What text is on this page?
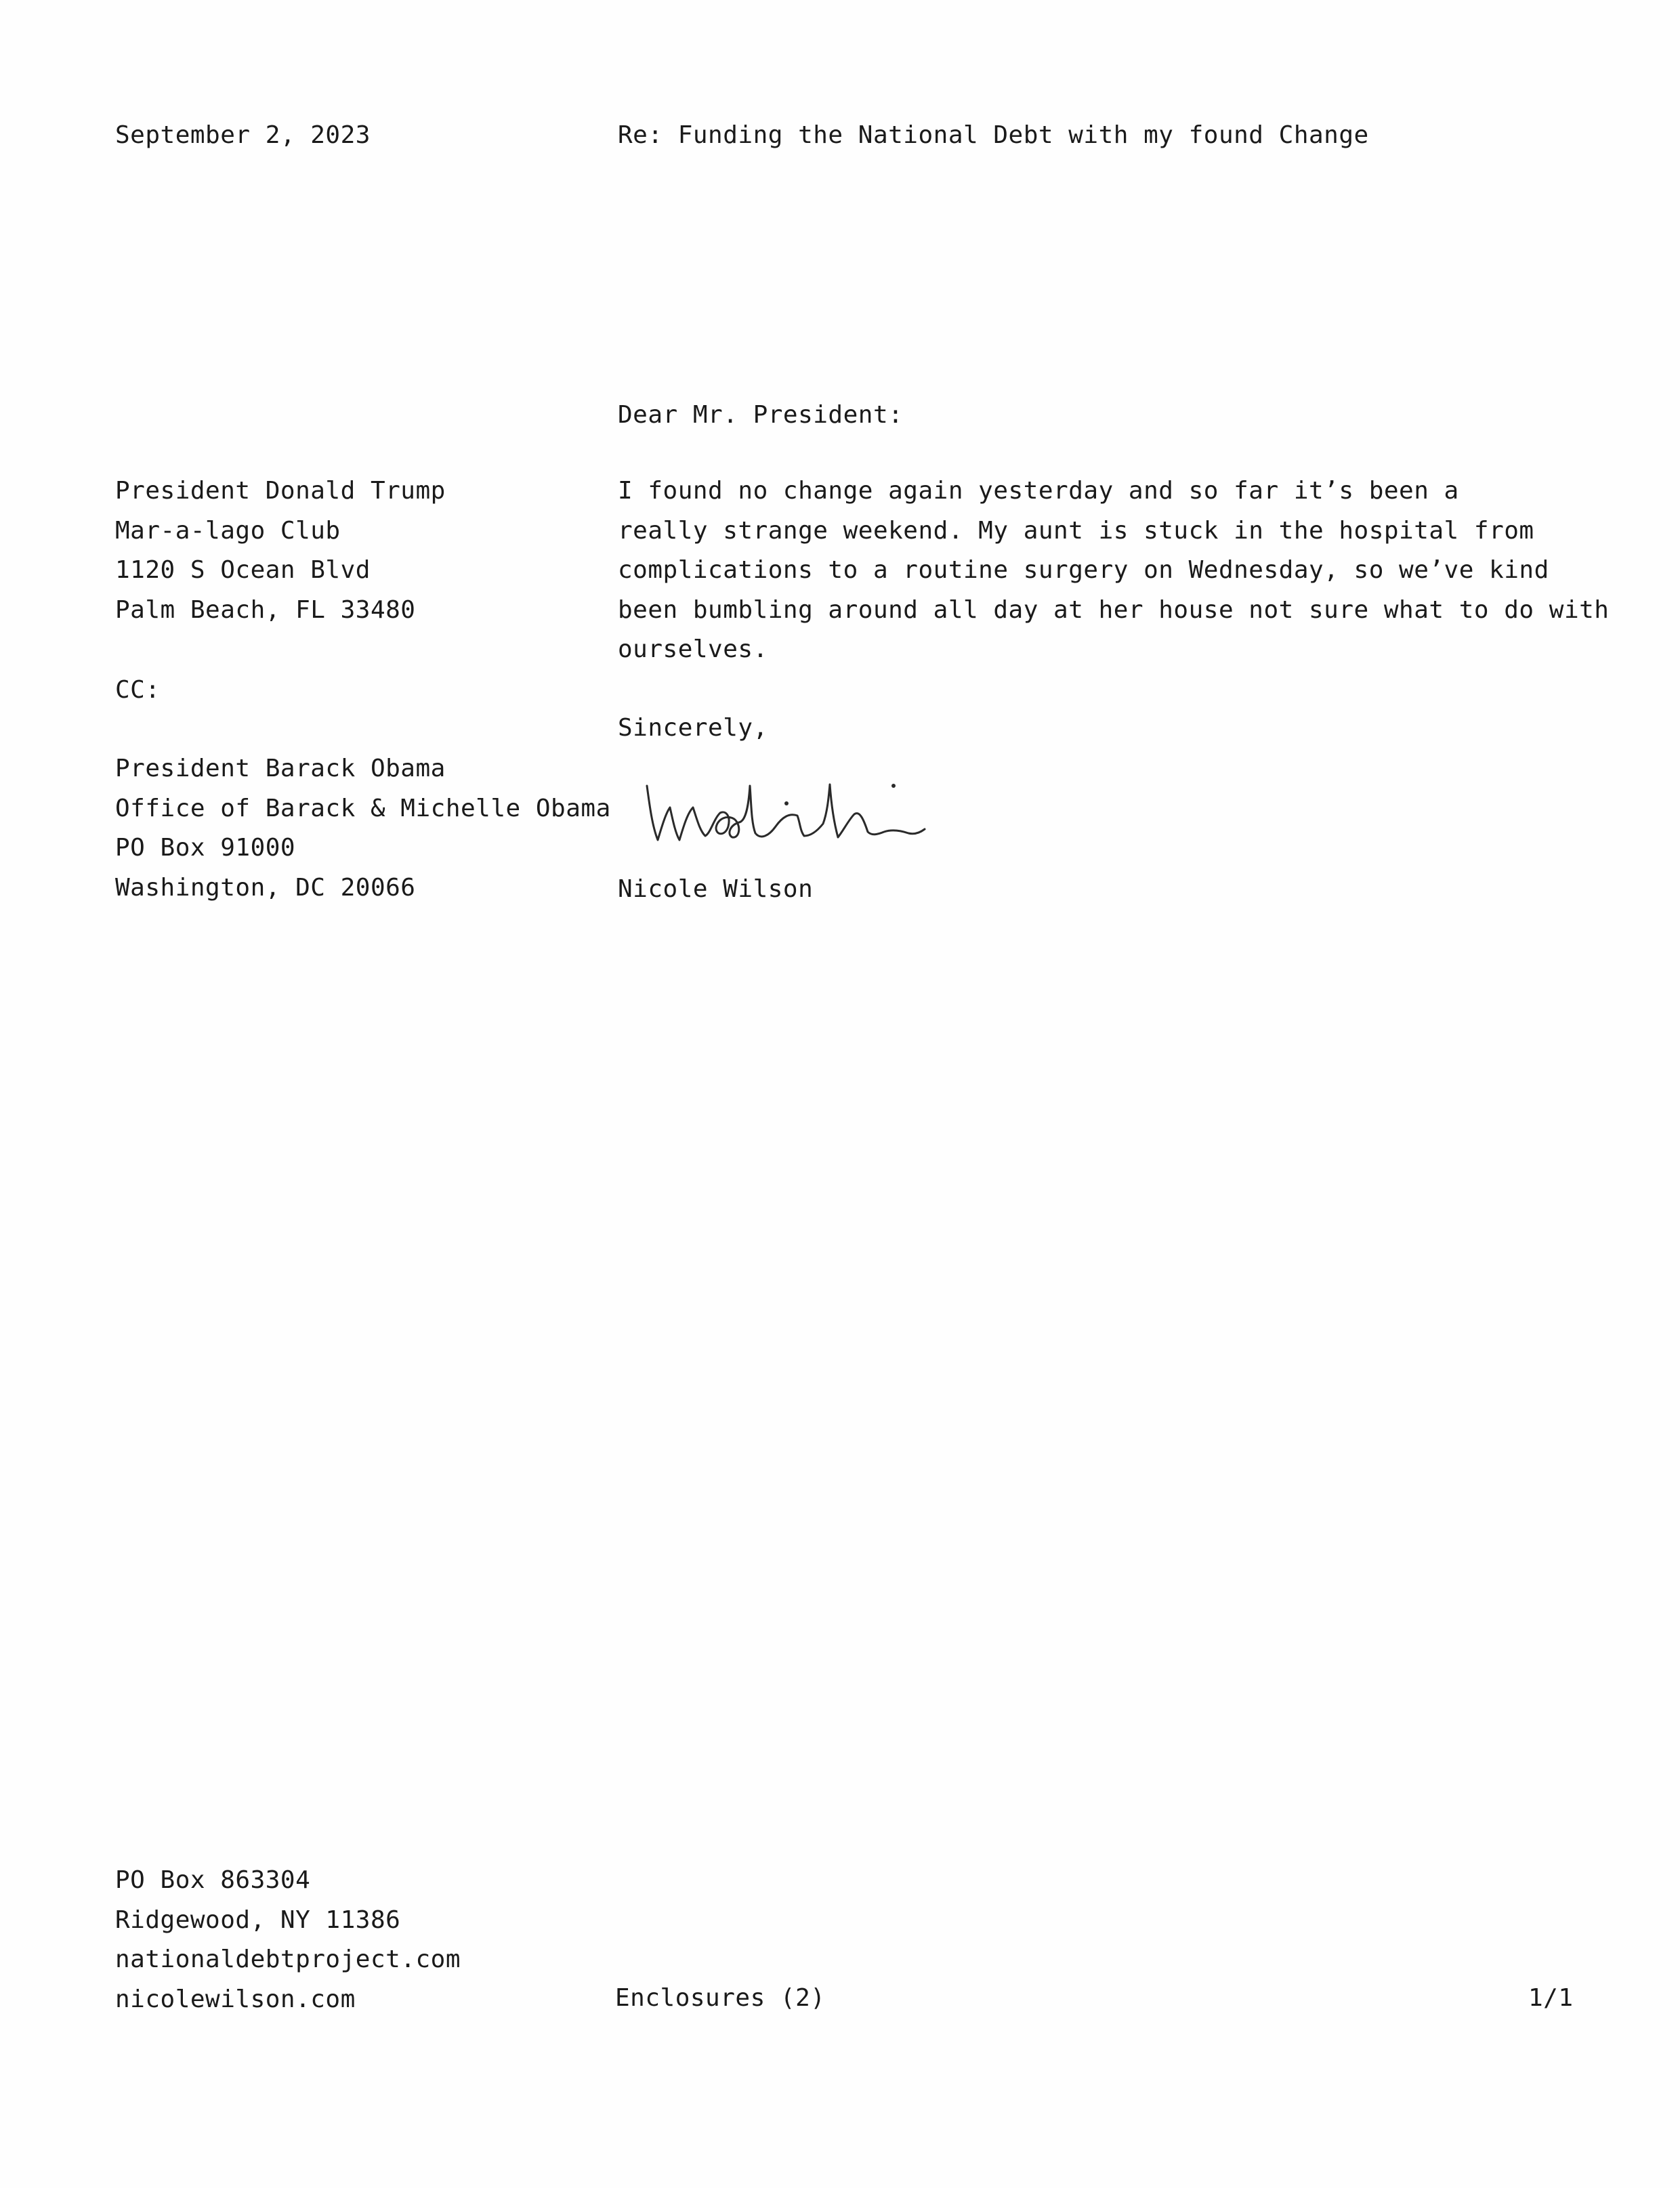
September 2, 2023	Re: Funding the National Debt with my found Change
Dear Mr. President:
President Donald Trump
Mar-a-lago Club
1120 S Ocean Blvd
Palm Beach, FL 33480
CC:
President Barack Obama
Office of Barack & Michelle Obama
PO Box 91000
Washington, DC 20066
I found no change again yesterday and so far it’s been a
really strange weekend. My aunt is stuck in the hospital from
complications to a routine surgery on Wednesday, so we’ve kind
been bumbling around all day at her house not sure what to do with
ourselves.
Sincerely,
Nicole Wilson
PO Box 863304
Ridgewood, NY 11386
nationaldebtproject.com
nicolewilson.com	Enclosures (2)	1/1
